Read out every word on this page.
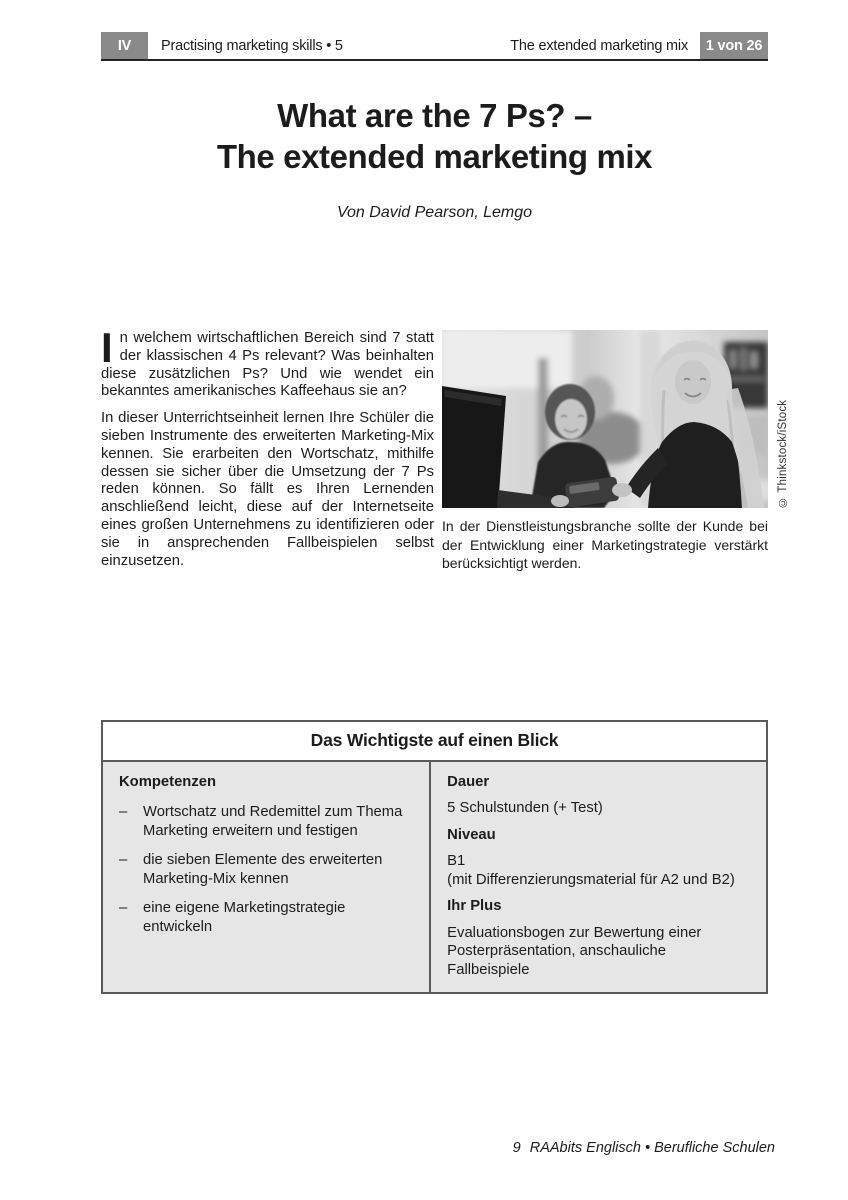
IV	Practising marketing skills • 5	The extended marketing mix	1 von 26
What are the 7 Ps? –
The extended marketing mix
Von David Pearson, Lemgo

In welchem wirtschaftlichen Bereich sind 7 statt der klassischen 4 Ps relevant? Was beinhalten diese zusätzlichen Ps? Und wie wendet ein bekanntes amerikanisches Kaffeehaus sie an?

In dieser Unterrichtseinheit lernen Ihre Schüler die sieben Instrumente des erweiterten Marketing-Mix kennen. Sie erarbeiten den Wortschatz, mithilfe dessen sie sicher über die Umsetzung der 7 Ps reden können. So fällt es Ihren Lernenden anschließend leicht, diese auf der Internetseite eines großen Unternehmens zu identifizieren oder sie in ansprechenden Fallbeispielen selbst einzusetzen.

© Thinkstock/iStock
In der Dienstleistungsbranche sollte der Kunde bei der Entwicklung einer Marketingstrategie verstärkt berücksichtigt werden.
Das Wichtigste auf einen Blick
Kompetenzen
–	Wortschatz und Redemittel zum Thema Marketing erweitern und festigen
–	die sieben Elemente des erweiterten Marketing-Mix kennen
–	eine eigene Marketingstrategie entwickeln
Dauer
5 Schulstunden (+ Test)
Niveau
B1
(mit Differenzierungsmaterial für A2 und B2)
Ihr Plus
Evaluationsbogen zur Bewertung einer Posterpräsentation, anschauliche Fallbeispiele
9 RAAbits Englisch • Berufliche Schulen
